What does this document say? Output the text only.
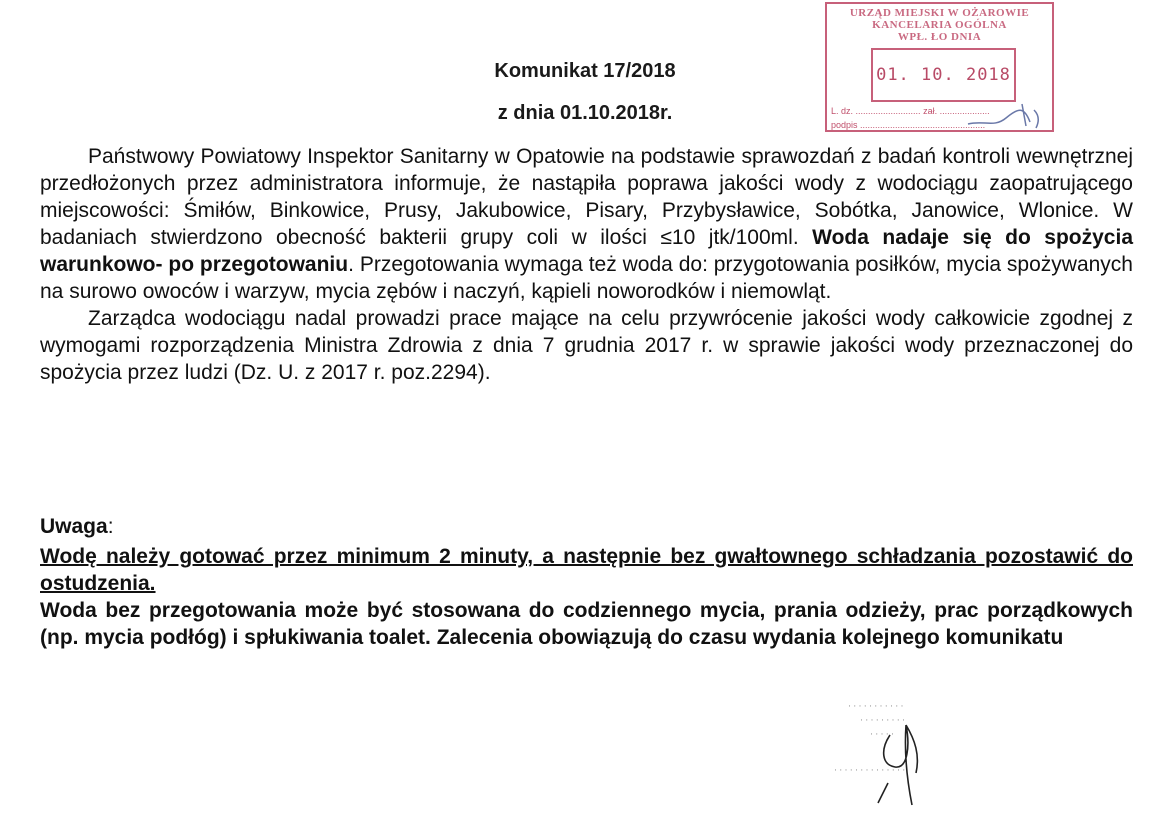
Komunikat 17/2018
z dnia 01.10.2018r.
URZĄD MIEJSKI W OŻAROWIE
KANCELARIA OGÓLNA
WPŁ. ŁO DNIA
01. 10. 2018
L. dz. .......................... zał. ....................
podpis ..................................................

Państwowy Powiatowy Inspektor Sanitarny w Opatowie na podstawie sprawozdań z badań kontroli wewnętrznej przedłożonych przez administratora informuje, że nastąpiła poprawa jakości wody z wodociągu zaopatrującego miejscowości: Śmiłów, Binkowice, Prusy, Jakubowice, Pisary, Przybysławice, Sobótka, Janowice, Wlonice. W badaniach stwierdzono obecność bakterii grupy coli w ilości ≤10 jtk/100ml. Woda nadaje się do spożycia warunkowo- po przegotowaniu. Przegotowania wymaga też woda do: przygotowania posiłków, mycia spożywanych na surowo owoców i warzyw, mycia zębów i naczyń, kąpieli noworodków i niemowląt.

Zarządca wodociągu nadal prowadzi prace mające na celu przywrócenie jakości wody całkowicie zgodnej z wymogami rozporządzenia Ministra Zdrowia z dnia 7 grudnia 2017 r. w sprawie jakości wody przeznaczonej do spożycia przez ludzi (Dz. U. z 2017 r. poz.2294).

Uwaga:

Wodę należy gotować przez minimum 2 minuty, a następnie bez gwałtownego schładzania pozostawić do ostudzenia.

Woda bez przegotowania może być stosowana do codziennego mycia, prania odzieży, prac porządkowych (np. mycia podłóg) i spłukiwania toalet. Zalecenia obowiązują do czasu wydania kolejnego komunikatu

· · · · · · · · · · ·
· · · · · · · · ·
· · · · ·
· · · · · · · · · · · · · ·
